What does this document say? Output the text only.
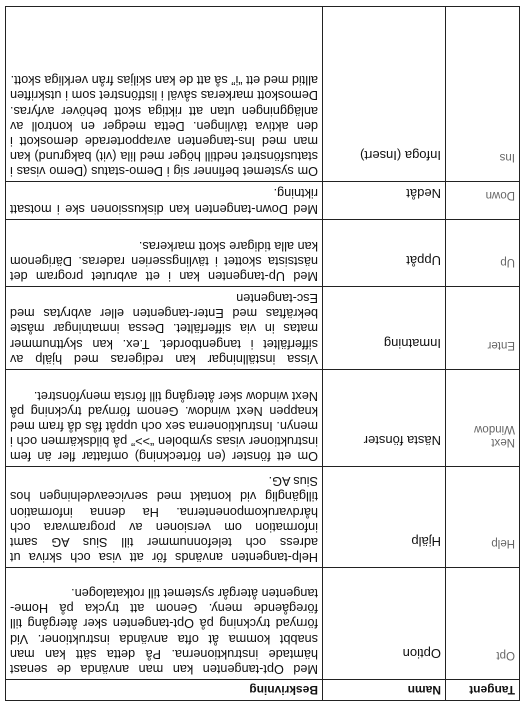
Tangent	Namn	Beskrivning
Opt	Option	Med Opt-tangenten kan man använda de senast hämtade instruktionerna. På detta sätt kan man snabbt komma åt ofta använda instruktioner. Vid förnyad tryckning på Opt-tangenten sker återgång till föregående meny. Genom att trycka på Home-tangenten återgår systemet till rotkatalogen.
Help	Hjälp	Help-tangenten används för att visa och skriva ut adress och telefonnummer till Sius AG samt information om versionen av programvara och hårdvarukomponenterna. Ha denna information tillgänglig vid kontakt med serviceavdelningen hos Sius AG.
Next Window	Nästa fönster	Om ett fönster (en förteckning) omfattar fler än fem instruktioner visas symbolen “>>” på bildskärmen och i menyn. Instruktionerna sex och uppåt fås då fram med knappen Next window. Genom förnyad tryckning på Next window sker återgång till första menyfönstret.
Enter	Inmatning	Vissa inställningar kan redigeras med hjälp av sifferfältet i tangentbordet. T.ex. kan skyttnummer matas in via sifferfältet. Dessa inmatningar måste bekräftas med Enter-tangenten eller avbrytas med Esc-tangenten
Up	Uppåt	Med Up-tangenten kan i ett avbrutet program det nästsista skottet i tävlingsserien raderas. Därigenom kan alla tidigare skott markeras.
Down	Nedåt	Med Down-tangenten kan diskussionen ske i motsatt riktning.
Ins	Infoga (Insert)	Om systemet befinner sig i Demo-status (Demo visas i statusfönstret nedtill höger med lila (vit) bakgrund) kan man med Ins-tangenten avrapporterade demoskott i den aktiva tävlingen. Detta medger en kontroll av anläggningen utan att riktiga skott behöver avfyras. Demoskott markeras såväl i listfönstret som i utskriften alltid med ett “i” så att de kan skiljas från verkliga skott.
